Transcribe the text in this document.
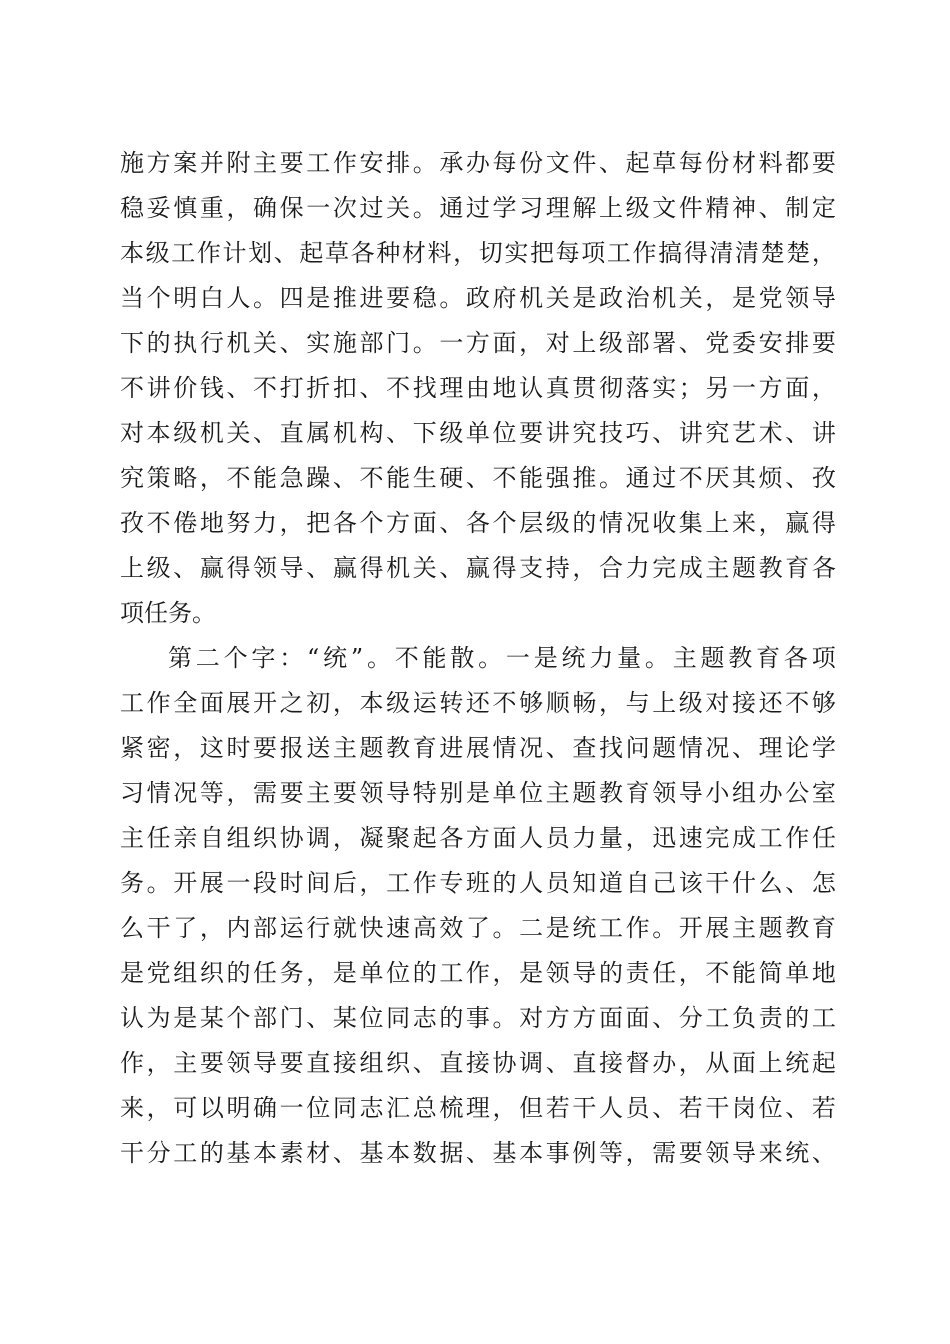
施 方 案 并 附 主 要 工 作 安 排 。 承 办 每 份 文 件 、 起 草 每 份 材 料 都 要
稳 妥 慎 重 ， 确 保 一 次 过 关 。 通 过 学 习 理 解 上 级 文 件 精 神 、 制 定
本 级 工 作 计 划 、 起 草 各 种 材 料 ， 切 实 把 每 项 工 作 搞 得 清 清 楚 楚 ，
当 个 明 白 人 。 四 是 推 进 要 稳 。 政 府 机 关 是 政 治 机 关 ， 是 党 领 导
下 的 执 行 机 关 、 实 施 部 门 。 一 方 面 ， 对 上 级 部 署 、 党 委 安 排 要
不 讲 价 钱 、 不 打 折 扣 、 不 找 理 由 地 认 真 贯 彻 落 实 ； 另 一 方 面 ，
对 本 级 机 关 、 直 属 机 构 、 下 级 单 位 要 讲 究 技 巧 、 讲 究 艺 术 、 讲
究 策 略 ， 不 能 急 躁 、 不 能 生 硬 、 不 能 强 推 。 通 过 不 厌 其 烦 、 孜
孜 不 倦 地 努 力 ， 把 各 个 方 面 、 各 个 层 级 的 情 况 收 集 上 来 ， 赢 得
上 级 、 赢 得 领 导 、 赢 得 机 关 、 赢 得 支 持 ， 合 力 完 成 主 题 教 育 各
项任务。
第 二 个 字 ： “ 统 ” 。 不 能 散 。 一 是 统 力 量 。 主 题 教 育 各 项
工 作 全 面 展 开 之 初 ， 本 级 运 转 还 不 够 顺 畅 ， 与 上 级 对 接 还 不 够
紧 密 ， 这 时 要 报 送 主 题 教 育 进 展 情 况 、 查 找 问 题 情 况 、 理 论 学
习 情 况 等 ， 需 要 主 要 领 导 特 别 是 单 位 主 题 教 育 领 导 小 组 办 公 室
主 任 亲 自 组 织 协 调 ， 凝 聚 起 各 方 面 人 员 力 量 ， 迅 速 完 成 工 作 任
务 。 开 展 一 段 时 间 后 ， 工 作 专 班 的 人 员 知 道 自 己 该 干 什 么 、 怎
么 干 了 ， 内 部 运 行 就 快 速 高 效 了 。 二 是 统 工 作 。 开 展 主 题 教 育
是 党 组 织 的 任 务 ， 是 单 位 的 工 作 ， 是 领 导 的 责 任 ， 不 能 简 单 地
认 为 是 某 个 部 门 、 某 位 同 志 的 事 。 对 方 方 面 面 、 分 工 负 责 的 工
作 ， 主 要 领 导 要 直 接 组 织 、 直 接 协 调 、 直 接 督 办 ， 从 面 上 统 起
来 ， 可 以 明 确 一 位 同 志 汇 总 梳 理 ， 但 若 干 人 员 、 若 干 岗 位 、 若
干 分 工 的 基 本 素 材 、 基 本 数 据 、 基 本 事 例 等 ， 需 要 领 导 来 统 、
